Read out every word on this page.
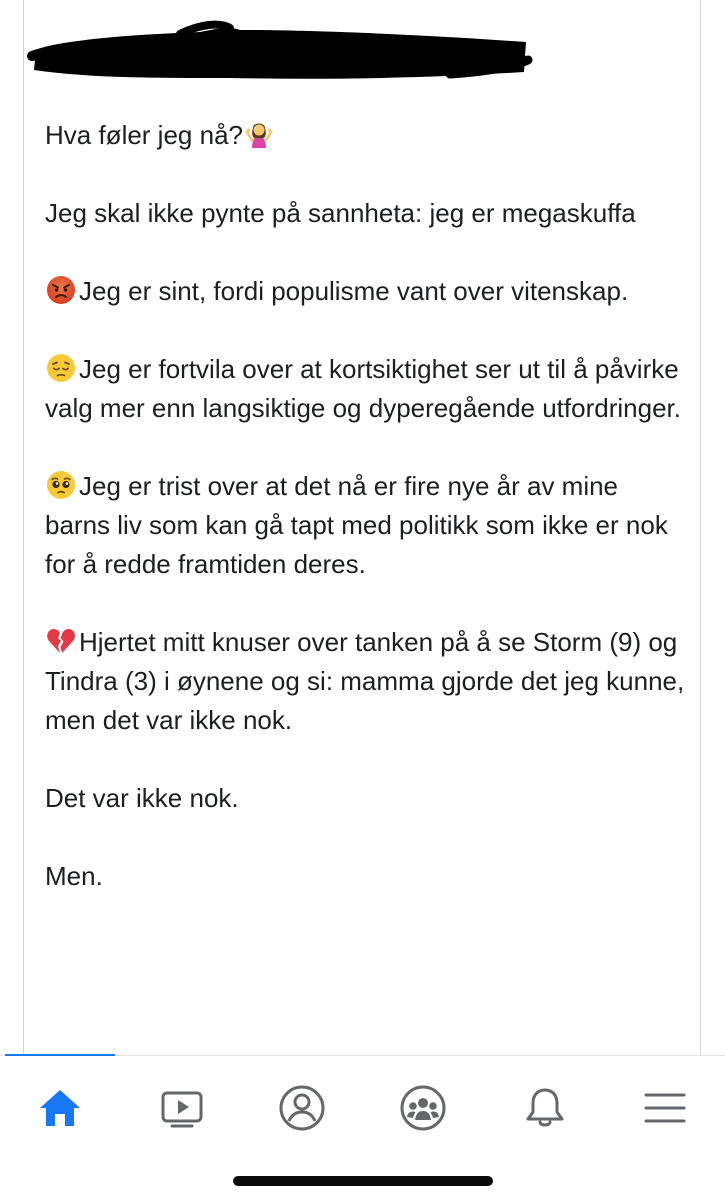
Hva føler jeg nå?

Jeg skal ikke pynte på sannheta: jeg er megaskuffa

Jeg er sint, fordi populisme vant over vitenskap.

Jeg er fortvila over at kortsiktighet ser ut til å påvirke valg mer enn langsiktige og dyperegående utfordringer.

Jeg er trist over at det nå er fire nye år av mine barns liv som kan gå tapt med politikk som ikke er nok for å redde framtiden deres.

Hjertet mitt knuser over tanken på å se Storm (9) og Tindra (3) i øynene og si: mamma gjorde det jeg kunne, men det var ikke nok.

Det var ikke nok.

Men.
